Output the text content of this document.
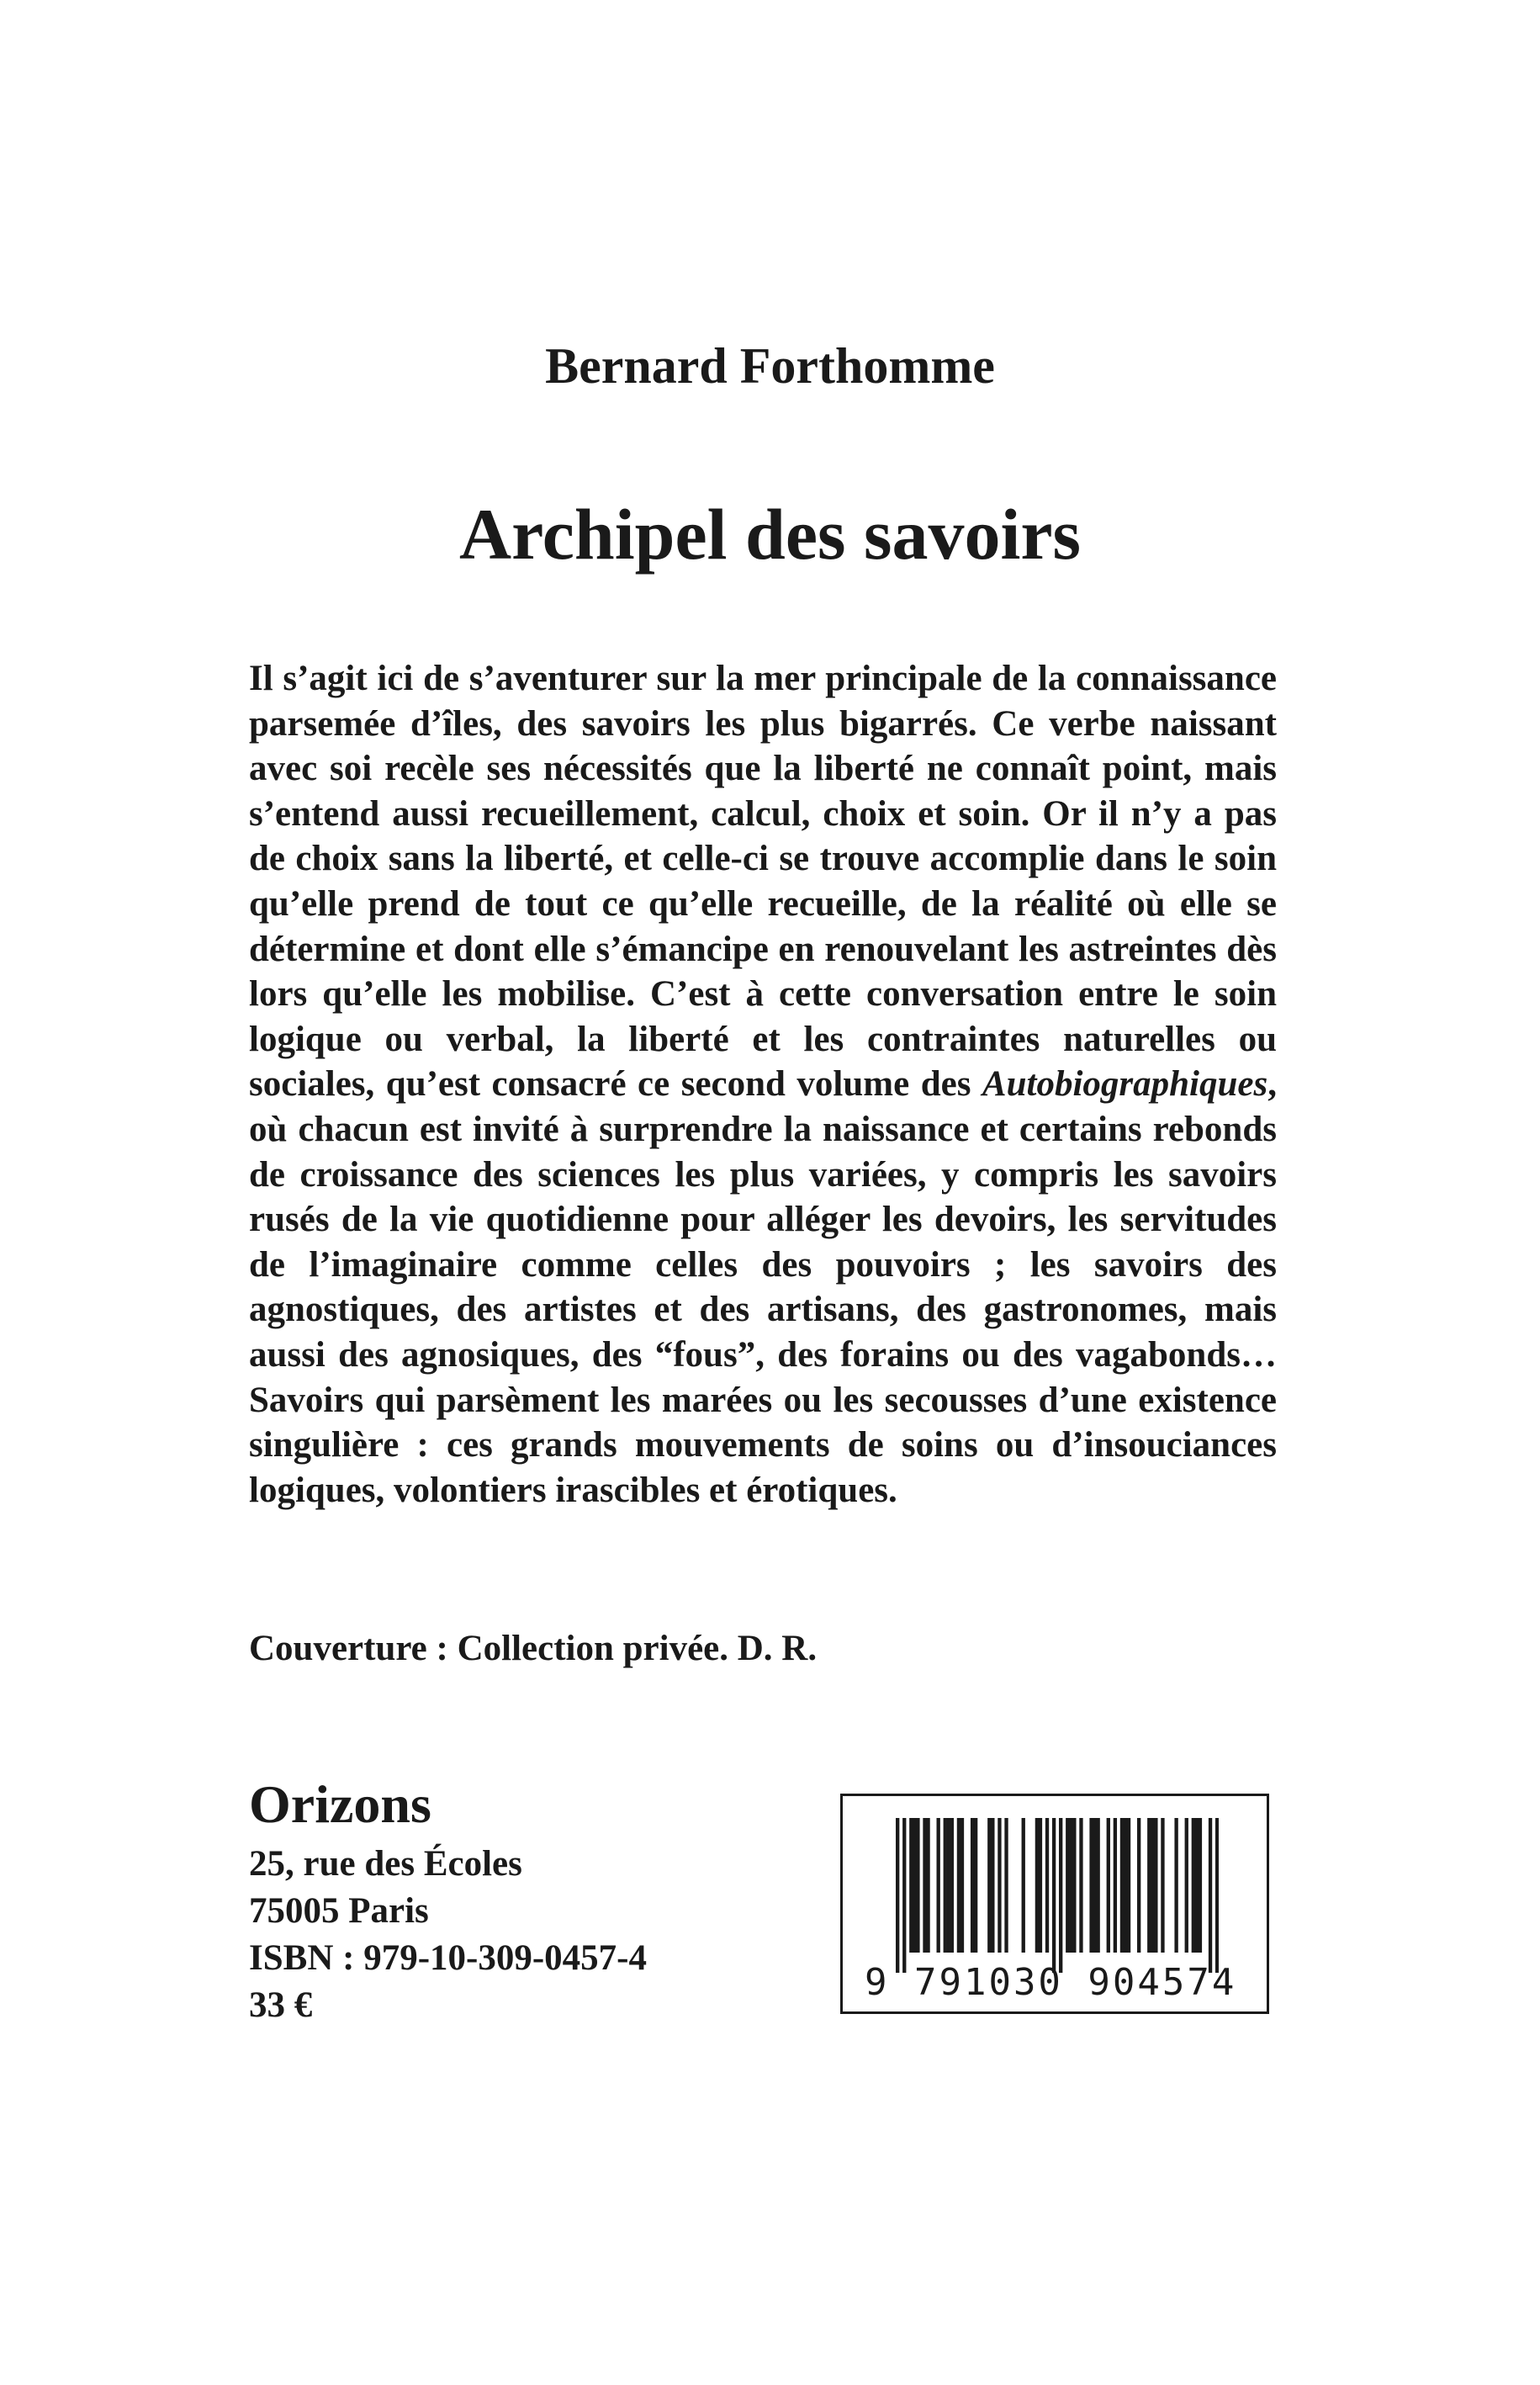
Bernard Forthomme
Archipel des savoirs

Il s’agit ici de s’aventurer sur la mer principale de la connaissance parsemée d’îles, des savoirs les plus bigarrés. Ce verbe naissant avec soi recèle ses nécessités que la liberté ne connaît point, mais s’entend aussi recueillement, calcul, choix et soin. Or il n’y a pas de choix sans la liberté, et celle-ci se trouve accomplie dans le soin qu’elle prend de tout ce qu’elle recueille, de la réalité où elle se détermine et dont elle s’émancipe en renouvelant les astreintes dès lors qu’elle les mobilise. C’est à cette conversation entre le soin logique ou verbal, la liberté et les contraintes naturelles ou sociales, qu’est consacré ce second volume des Autobiographiques, où chacun est invité à surprendre la naissance et certains rebonds de croissance des sciences les plus variées, y compris les savoirs rusés de la vie quotidienne pour alléger les devoirs, les servitudes de l’imaginaire comme celles des pouvoirs ; les savoirs des agnostiques, des artistes et des artisans, des gastronomes, mais aussi des agnosiques, des “fous”, des forains ou des vagabonds… Savoirs qui parsèment les marées ou les secousses d’une existence singulière : ces grands mouvements de soins ou d’insouciances logiques, volontiers irascibles et érotiques.

Couverture : Collection privée. D. R.
Orizons
25, rue des Écoles
75005 Paris
ISBN : 979-10-309-0457-4
33 €
9 791030 904574
